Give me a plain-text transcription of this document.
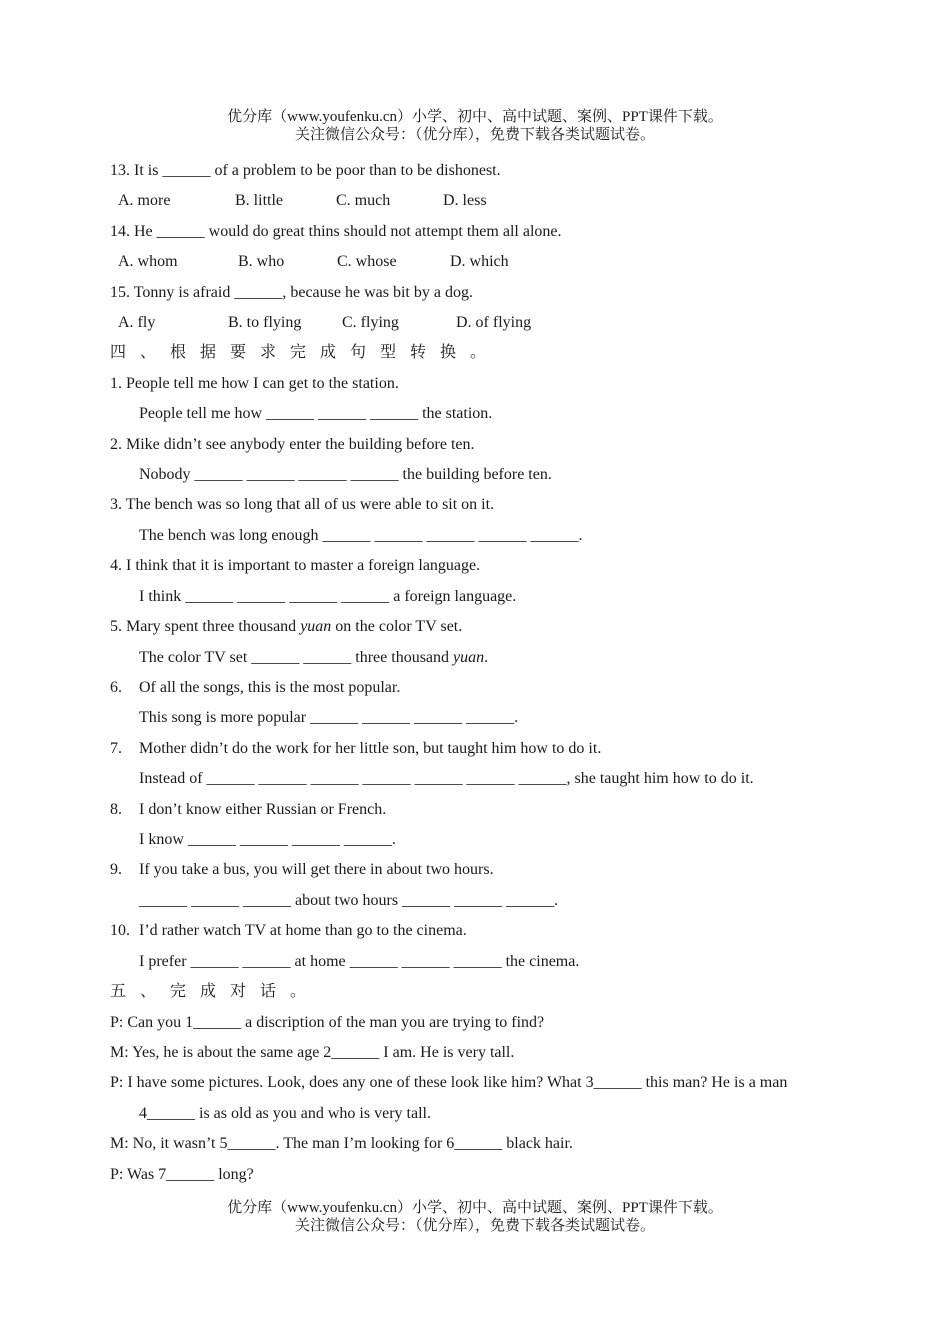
优分库（www.youfenku.cn）小学、初中、高中试题、案例、PPT课件下载。
关注微信公众号：（优分库），免费下载各类试题试卷。
13. It is ______ of a problem to be poor than to be dishonest.
A. more	B. little	C. much	D. less
14. He ______ would do great thins should not attempt them all alone.
A. whom	B. who	C. whose	D. which
15. Tonny is afraid ______, because he was bit by a dog.
A. fly	B. to flying	C. flying	D. of flying
四、根据要求完成句型转换。
1. People tell me how I can get to the station.
People tell me how ______ ______ ______ the station.
2. Mike didn’t see anybody enter the building before ten.
Nobody ______ ______ ______ ______ the building before ten.
3. The bench was so long that all of us were able to sit on it.
The bench was long enough ______ ______ ______ ______ ______.
4. I think that it is important to master a foreign language.
I think ______ ______ ______ ______ a foreign language.
5. Mary spent three thousand yuan on the color TV set.
The color TV set ______ ______ three thousand yuan.
6. Of all the songs, this is the most popular.
This song is more popular ______ ______ ______ ______.
7. Mother didn’t do the work for her little son, but taught him how to do it.
Instead of ______ ______ ______ ______ ______ ______ ______, she taught him how to do it.
8. I don’t know either Russian or French.
I know ______ ______ ______ ______.
9. If you take a bus, you will get there in about two hours.
______ ______ ______ about two hours ______ ______ ______.
10. I’d rather watch TV at home than go to the cinema.
I prefer ______ ______ at home ______ ______ ______ the cinema.
五、完成对话。
P: Can you 1______ a discription of the man you are trying to find?
M: Yes, he is about the same age 2______ I am. He is very tall.
P: I have some pictures. Look, does any one of these look like him? What 3______ this man? He is a man
4______ is as old as you and who is very tall.
M: No, it wasn’t 5______. The man I’m looking for 6______ black hair.
P: Was 7______ long?
优分库（www.youfenku.cn）小学、初中、高中试题、案例、PPT课件下载。
关注微信公众号：（优分库），免费下载各类试题试卷。
